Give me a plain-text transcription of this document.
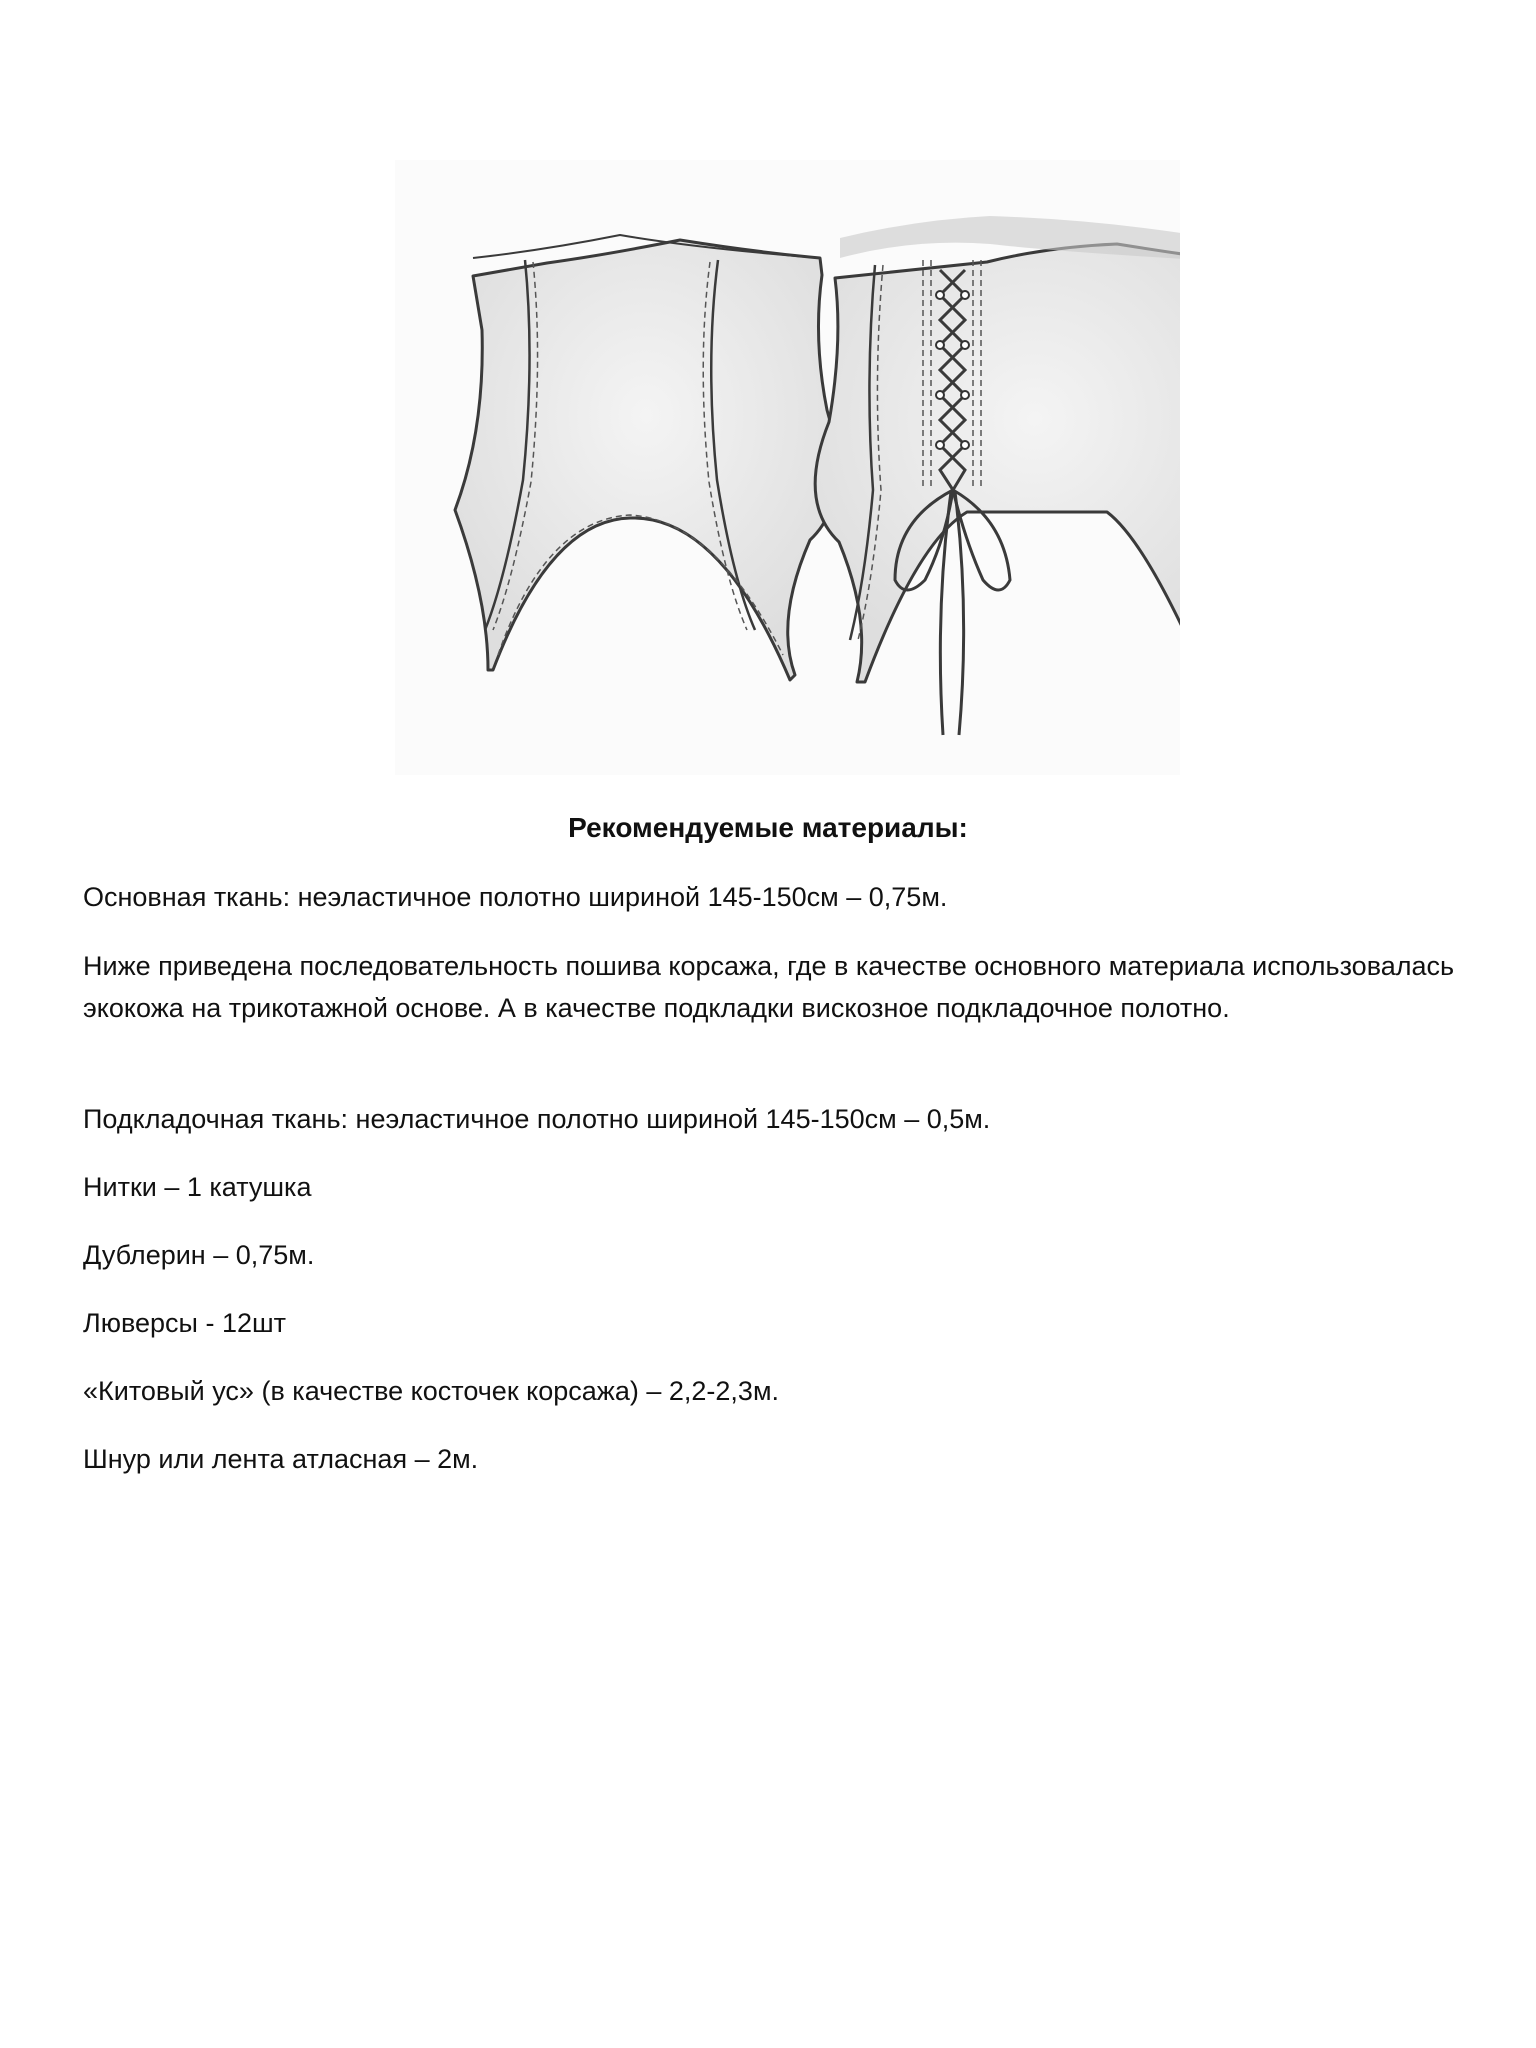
Рекомендуемые материалы:

Основная ткань: неэластичное полотно шириной 145-150см – 0,75м.

Ниже приведена последовательность пошива корсажа, где в качестве основного материала использовалась экокожа на трикотажной основе. А в качестве подкладки вискозное подкладочное полотно.

Подкладочная ткань: неэластичное полотно шириной 145-150см – 0,5м.

Нитки – 1 катушка

Дублерин – 0,75м.

Люверсы - 12шт

«Китовый ус» (в качестве косточек корсажа) – 2,2-2,3м.

Шнур или лента атласная – 2м.
